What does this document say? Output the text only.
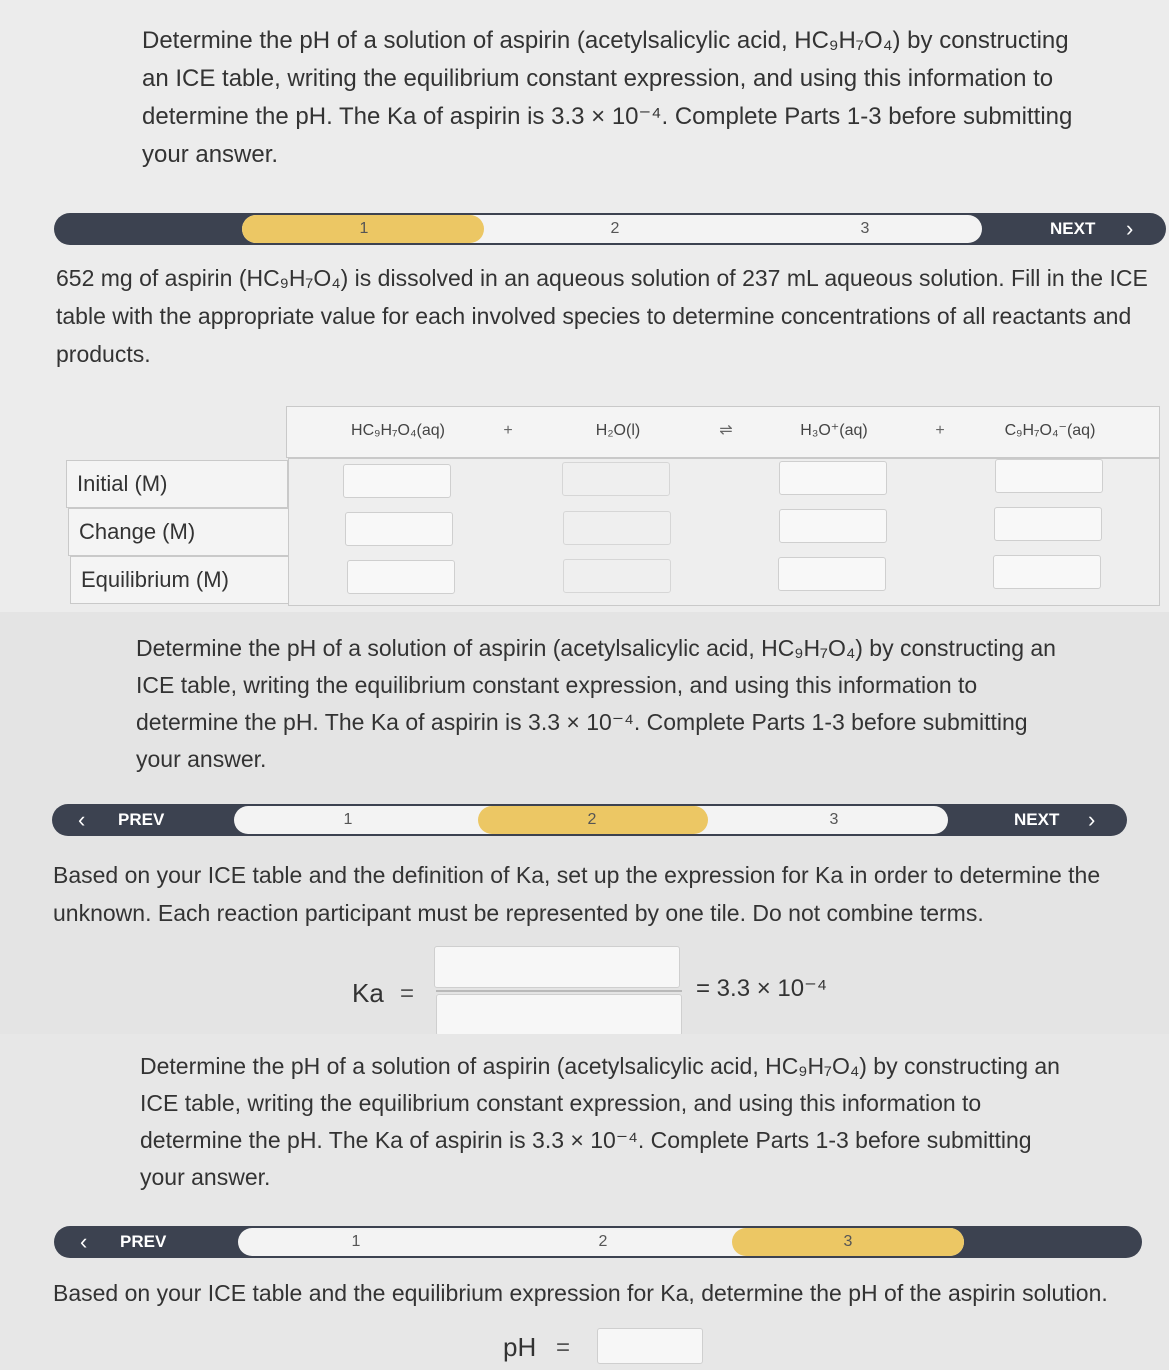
Determine the pH of a solution of aspirin (acetylsalicylic acid, HC₉H₇O₄) by constructing an ICE table, writing the equilibrium constant expression, and using this information to determine the pH. The Ka of aspirin is 3.3 × 10⁻⁴. Complete Parts 1-3 before submitting your answer.
1	2	3	NEXT ›
652 mg of aspirin (HC₉H₇O₄) is dissolved in an aqueous solution of 237 mL aqueous solution. Fill in the ICE table with the appropriate value for each involved species to determine concentrations of all reactants and products.
HC₉H₇O₄(aq)	+	H₂O(l)	⇌	H₃O⁺(aq)	+	C₉H₇O₄⁻(aq)
Initial (M)
Change (M)
Equilibrium (M)
Determine the pH of a solution of aspirin (acetylsalicylic acid, HC₉H₇O₄) by constructing an ICE table, writing the equilibrium constant expression, and using this information to determine the pH. The Ka of aspirin is 3.3 × 10⁻⁴. Complete Parts 1-3 before submitting your answer.
‹ PREV	1	2	3	NEXT ›
Based on your ICE table and the definition of Ka, set up the expression for Ka in order to determine the unknown. Each reaction participant must be represented by one tile. Do not combine terms.
Ka =	= 3.3 × 10⁻⁴
Determine the pH of a solution of aspirin (acetylsalicylic acid, HC₉H₇O₄) by constructing an ICE table, writing the equilibrium constant expression, and using this information to determine the pH. The Ka of aspirin is 3.3 × 10⁻⁴. Complete Parts 1-3 before submitting your answer.
‹ PREV	1	2	3
Based on your ICE table and the equilibrium expression for Ka, determine the pH of the aspirin solution.
pH =
